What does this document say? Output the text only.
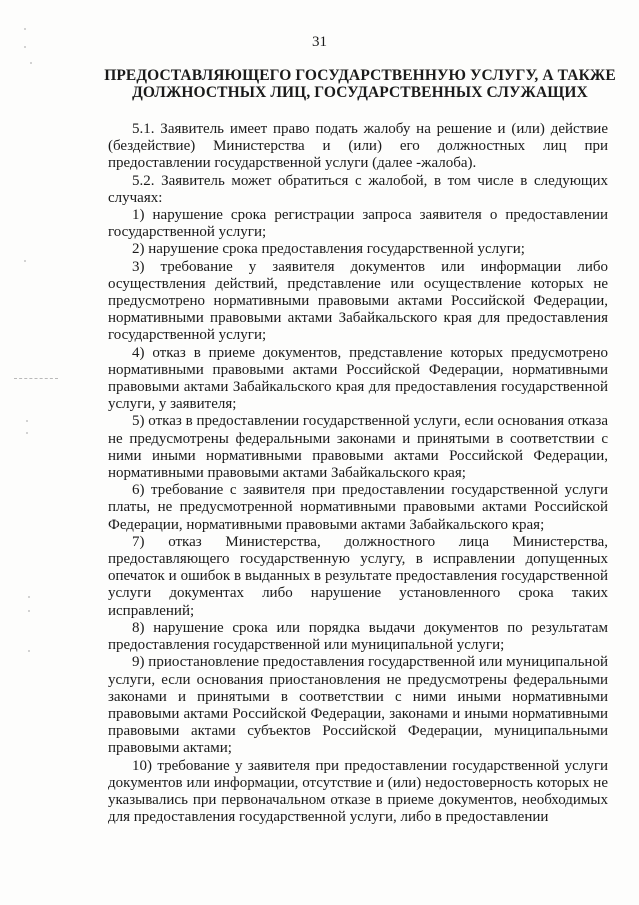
31
ПРЕДОСТАВЛЯЮЩЕГО ГОСУДАРСТВЕННУЮ УСЛУГУ, А ТАКЖЕ
ДОЛЖНОСТНЫХ ЛИЦ, ГОСУДАРСТВЕННЫХ СЛУЖАЩИХ

5.1. Заявитель имеет право подать жалобу на решение и (или) действие (бездействие) Министерства и (или) его должностных лиц при предоставлении государственной услуги (далее -жалоба).

5.2. Заявитель может обратиться с жалобой, в том числе в следующих случаях:

1) нарушение срока регистрации запроса заявителя о предоставлении государственной услуги;

2) нарушение срока предоставления государственной услуги;

3) требование у заявителя документов или информации либо осуществления действий, представление или осуществление которых не предусмотрено нормативными правовыми актами Российской Федерации, нормативными правовыми актами Забайкальского края для предоставления государственной услуги;

4) отказ в приеме документов, представление которых предусмотрено нормативными правовыми актами Российской Федерации, нормативными правовыми актами Забайкальского края для предоставления государственной услуги, у заявителя;

5) отказ в предоставлении государственной услуги, если основания отказа не предусмотрены федеральными законами и принятыми в соответствии с ними иными нормативными правовыми актами Российской Федерации, нормативными правовыми актами Забайкальского края;

6) требование с заявителя при предоставлении государственной услуги платы, не предусмотренной нормативными правовыми актами Российской Федерации, нормативными правовыми актами Забайкальского края;

7) отказ Министерства, должностного лица Министерства, предоставляющего государственную услугу, в исправлении допущенных опечаток и ошибок в выданных в результате предоставления государственной услуги документах либо нарушение установленного срока таких исправлений;

8) нарушение срока или порядка выдачи документов по результатам предоставления государственной или муниципальной услуги;

9) приостановление предоставления государственной или муниципальной услуги, если основания приостановления не предусмотрены федеральными законами и принятыми в соответствии с ними иными нормативными правовыми актами Российской Федерации, законами и иными нормативными правовыми актами субъектов Российской Федерации, муниципальными правовыми актами;

10) требование у заявителя при предоставлении государственной услуги документов или информации, отсутствие и (или) недостоверность которых не указывались при первоначальном отказе в приеме документов, необходимых для предоставления государственной услуги, либо в предоставлении
